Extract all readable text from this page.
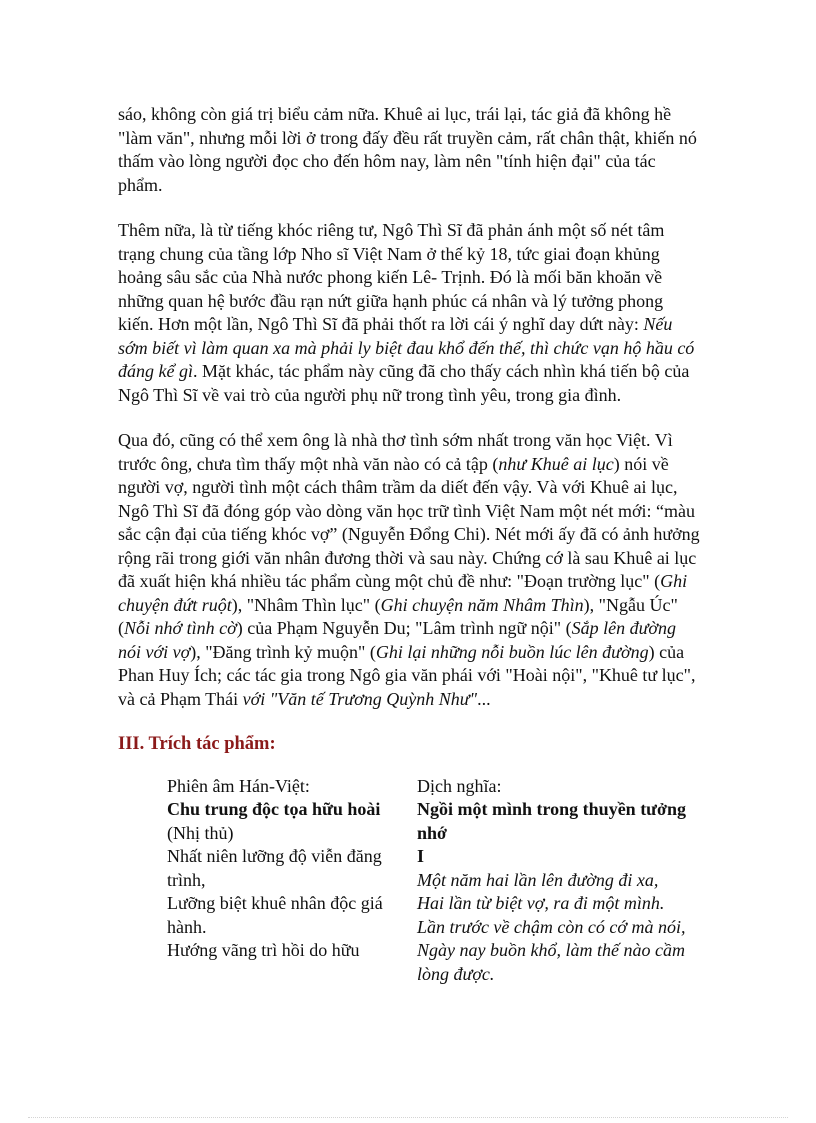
sáo, không còn giá trị biểu cảm nữa. Khuê ai lục, trái lại, tác giả đã không hề "làm văn", nhưng mỗi lời ở trong đấy đều rất truyền cảm, rất chân thật, khiến nó thấm vào lòng người đọc cho đến hôm nay, làm nên "tính hiện đại" của tác phẩm.

Thêm nữa, là từ tiếng khóc riêng tư, Ngô Thì Sĩ đã phản ánh một số nét tâm trạng chung của tầng lớp Nho sĩ Việt Nam ở thế kỷ 18, tức giai đoạn khủng hoảng sâu sắc của Nhà nước phong kiến Lê- Trịnh. Đó là mối băn khoăn về những quan hệ bước đầu rạn nứt giữa hạnh phúc cá nhân và lý tưởng phong kiến. Hơn một lần, Ngô Thì Sĩ đã phải thốt ra lời cái ý nghĩ day dứt này: Nếu sớm biết vì làm quan xa mà phải ly biệt đau khổ đến thế, thì chức vạn hộ hầu có đáng kể gì. Mặt khác, tác phẩm này cũng đã cho thấy cách nhìn khá tiến bộ của Ngô Thì Sĩ về vai trò của người phụ nữ trong tình yêu, trong gia đình.

Qua đó, cũng có thể xem ông là nhà thơ tình sớm nhất trong văn học Việt. Vì trước ông, chưa tìm thấy một nhà văn nào có cả tập (như Khuê ai lục) nói về người vợ, người tình một cách thâm trầm da diết đến vậy. Và với Khuê ai lục, Ngô Thì Sĩ đã đóng góp vào dòng văn học trữ tình Việt Nam một nét mới: “màu sắc cận đại của tiếng khóc vợ” (Nguyễn Đổng Chi). Nét mới ấy đã có ảnh hưởng rộng rãi trong giới văn nhân đương thời và sau này. Chứng cớ là sau Khuê ai lục đã xuất hiện khá nhiều tác phẩm cùng một chủ đề như: "Đoạn trường lục" (Ghi chuyện đứt ruột), "Nhâm Thìn lục" (Ghi chuyện năm Nhâm Thìn), "Ngẫu Úc" (Nỗi nhớ tình cờ) của Phạm Nguyễn Du; "Lâm trình ngữ nội" (Sắp lên đường nói với vợ), "Đăng trình kỷ muộn" (Ghi lại những nỗi buồn lúc lên đường) của Phan Huy Ích; các tác gia trong Ngô gia văn phái với "Hoài nội", "Khuê tư lục", và cả Phạm Thái với "Văn tế Trương Quỳnh Như"...

III. Trích tác phẩm:
Phiên âm Hán-Việt:
Chu trung độc tọa hữu hoài
(Nhị thủ)
Nhất niên lưỡng độ viễn đăng trình,
Lưỡng biệt khuê nhân độc giá hành.
Hướng vãng trì hồi do hữu
Dịch nghĩa:
Ngồi một mình trong thuyền tưởng nhớ
I
Một năm hai lần lên đường đi xa,
Hai lần từ biệt vợ, ra đi một mình.
Lần trước về chậm còn có cớ mà nói,
Ngày nay buồn khổ, làm thế nào cầm lòng được.
